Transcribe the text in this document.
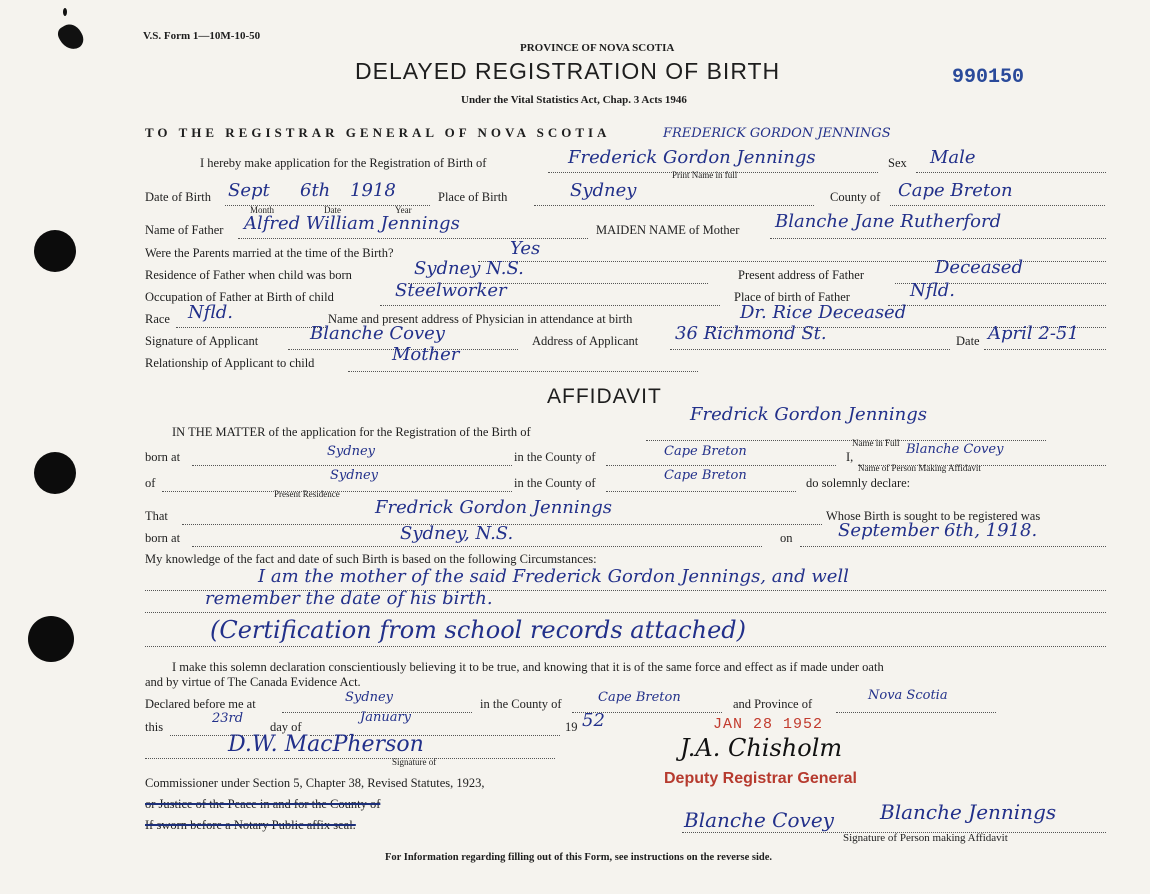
V.S. Form 1—10M-10-50
PROVINCE OF NOVA SCOTIA
DELAYED REGISTRATION OF BIRTH
Under the Vital Statistics Act, Chap. 3 Acts 1946
990150
TO THE REGISTRAR GENERAL OF NOVA SCOTIA	FREDERICK GORDON JENNINGS
I hereby make application for the Registration of Birth of	Frederick Gordon Jennings	Sex Male
Print Name in full
Date of Birth Sept 6th 1918
Month	Date	Year
Place of Birth	Sydney	County of Cape Breton
Name of Father Alfred William Jennings	MAIDEN NAME of Mother Blanche Jane Rutherford
Were the Parents married at the time of the Birth?	Yes
Residence of Father when child was born	Sydney N.S.	Present address of Father	Deceased
Occupation of Father at Birth of child	Steelworker	Place of birth of Father	Nfld.
Race Nfld.	Name and present address of Physician in attendance at birth	Dr. Rice Deceased
Signature of Applicant	Blanche Covey	Address of Applicant 36 Richmond St.	Date April 2-51
Relationship of Applicant to child	Mother
AFFIDAVIT
IN THE MATTER of the application for the Registration of the Birth of
Fredrick Gordon Jennings
Name in Full
born at	Sydney	in the County of	Cape Breton	I,	Blanche Covey
Name of Person Making Affidavit
of	Sydney
Present Residence
in the County of	Cape Breton	do solemnly declare:
That	Fredrick Gordon Jennings	Whose Birth is sought to be registered was
born at	Sydney, N.S.	on	September 6th, 1918.
My knowledge of the fact and date of such Birth is based on the following Circumstances:
I am the mother of the said Frederick Gordon Jennings, and well
remember the date of his birth.
(Certification from school records attached)
I make this solemn declaration conscientiously believing it to be true, and knowing that it is of the same force and effect as if made under oath
and by virtue of The Canada Evidence Act.
Declared before me at	Sydney	in the County of	Cape Breton	and Province of
Nova Scotia
this
23rd
day of
January
19 52
D.W. MacPherson
Signature of
Commissioner under Section 5, Chapter 38, Revised Statutes, 1923,
or Justice of the Peace in and for the County of
If sworn before a Notary Public affix seal.
JAN 28 1952
Deputy Registrar General
J.A. Chisholm
Blanche Covey Blanche Jennings
Signature of Person making Affidavit
For Information regarding filling out of this Form, see instructions on the reverse side.
